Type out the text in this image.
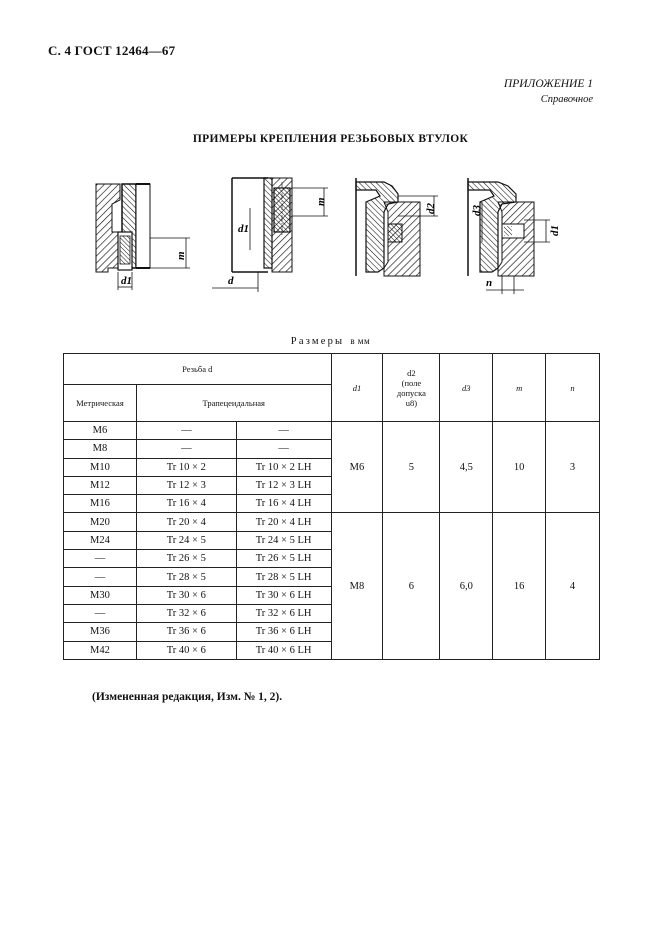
С. 4 ГОСТ 12464—67
ПРИЛОЖЕНИЕ 1
Справочное
ПРИМЕРЫ КРЕПЛЕНИЯ РЕЗЬБОВЫХ ВТУЛОК
d1
m
m
d1
d
d2
d1
d3
n
Размеры в мм
Резьба d			d1	d2
(поле
допуска
u8)	d3	m	n
Метрическая	Трапецеидальная						
M6	—	—	M6	5	4,5	10	3
M8	—	—					
M10	Tr 10 × 2	Tr 10 × 2 LH					
M12	Tr 12 × 3	Tr 12 × 3 LH					
M16	Tr 16 × 4	Tr 16 × 4 LH					
M20	Tr 20 × 4	Tr 20 × 4 LH	M8	6	6,0	16	4
M24	Tr 24 × 5	Tr 24 × 5 LH					
—	Tr 26 × 5	Tr 26 × 5 LH					
—	Tr 28 × 5	Tr 28 × 5 LH					
M30	Tr 30 × 6	Tr 30 × 6 LH					
—	Tr 32 × 6	Tr 32 × 6 LH					
M36	Tr 36 × 6	Tr 36 × 6 LH					
M42	Tr 40 × 6	Tr 40 × 6 LH					
(Измененная редакция, Изм. № 1, 2).
